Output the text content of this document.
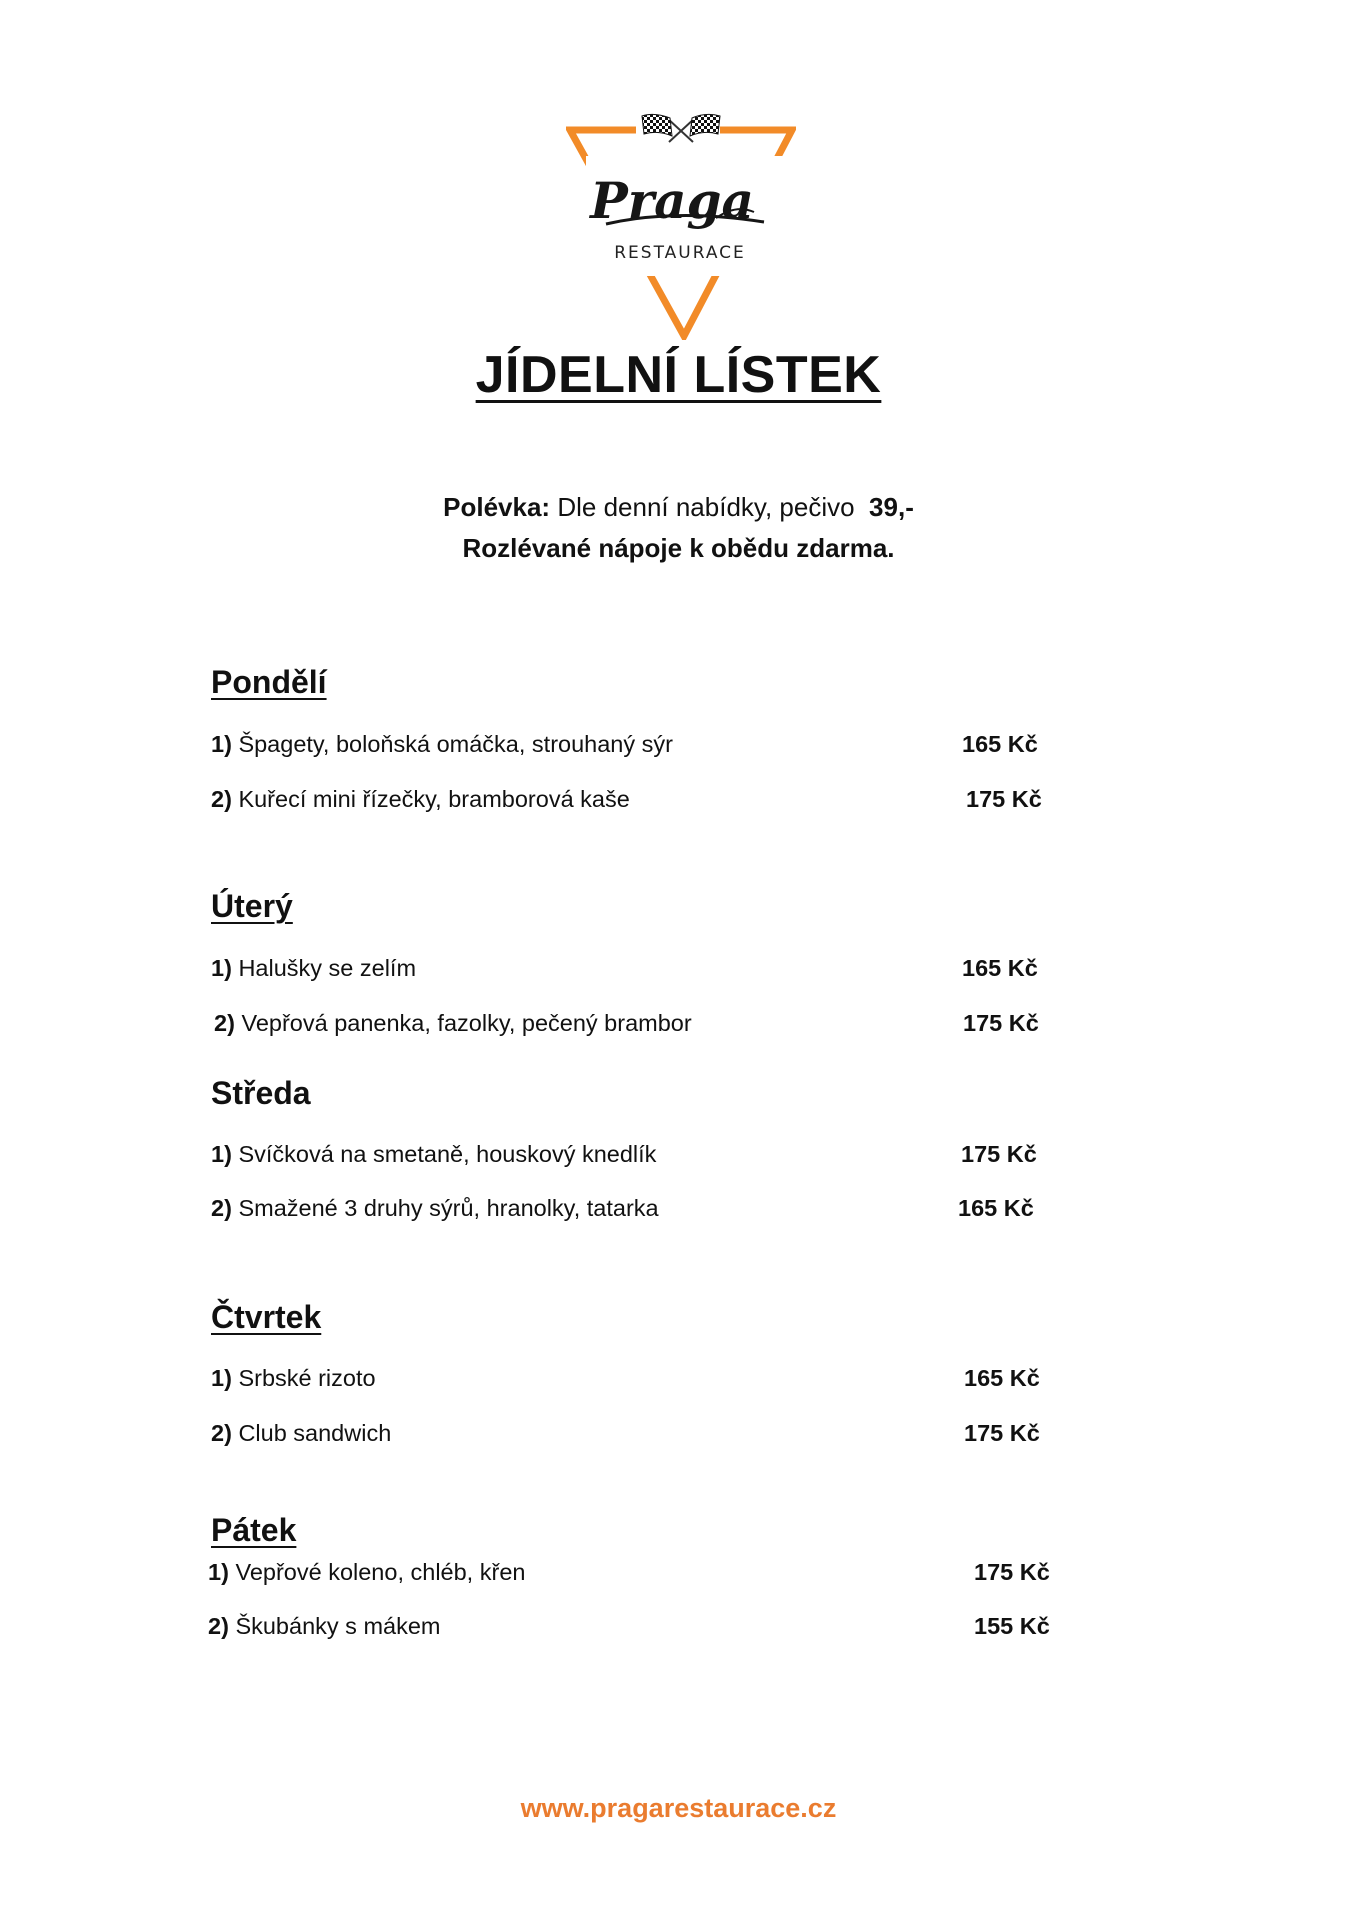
Praga
RESTAURACE
JÍDELNÍ LÍSTEK
Polévka: Dle denní nabídky, pečivo 39,-
Rozlévané nápoje k obědu zdarma.
Pondělí
1) Špagety, boloňská omáčka, strouhaný sýr	165 Kč
2) Kuřecí mini řízečky, bramborová kaše	175 Kč
Úterý
1) Halušky se zelím	165 Kč
2) Vepřová panenka, fazolky, pečený brambor	175 Kč
Středa
1) Svíčková na smetaně, houskový knedlík	175 Kč
2) Smažené 3 druhy sýrů, hranolky, tatarka	165 Kč
Čtvrtek
1) Srbské rizoto	165 Kč
2) Club sandwich	175 Kč
Pátek
1) Vepřové koleno, chléb, křen	175 Kč
2) Škubánky s mákem	155 Kč
www.pragarestaurace.cz
